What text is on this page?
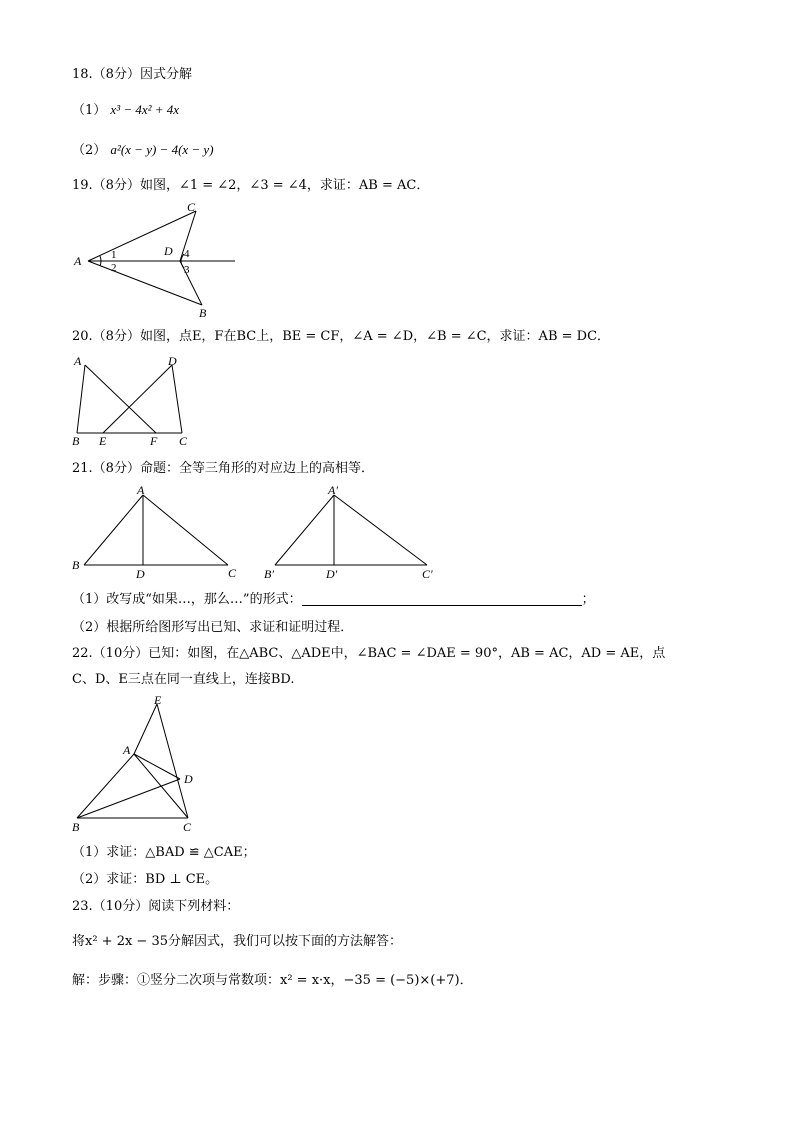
18.（8分）因式分解
（1） x³ − 4x² + 4x
（2） a²(x − y) − 4(x − y)
19.（8分）如图，∠1 = ∠2，∠3 = ∠4，求证：AB = AC．
A
C
B
D
1
2
4
3
20.（8分）如图，点E，F在BC上，BE = CF，∠A = ∠D，∠B = ∠C，求证：AB = DC．
A	D
B E	F C
21.（8分）命题：全等三角形的对应边上的高相等．
A
B
D	C
A′
B′	D′	C′
（1）改写成“如果…，那么…”的形式：	；
（2）根据所给图形写出已知、求证和证明过程．
22.（10分）已知：如图，在△ABC、△ADE中，∠BAC = ∠DAE = 90°，AB = AC，AD = AE，点
C、D、E三点在同一直线上，连接BD.
E
A
D
B	C
（1）求证：△BAD ≌ △CAE；
（2）求证：BD ⊥ CE。
23.（10分）阅读下列材料：
将x² + 2x − 35分解因式，我们可以按下面的方法解答：
解：步骤：①竖分二次项与常数项：x² = x·x，−35 = (−5)×(+7)．
